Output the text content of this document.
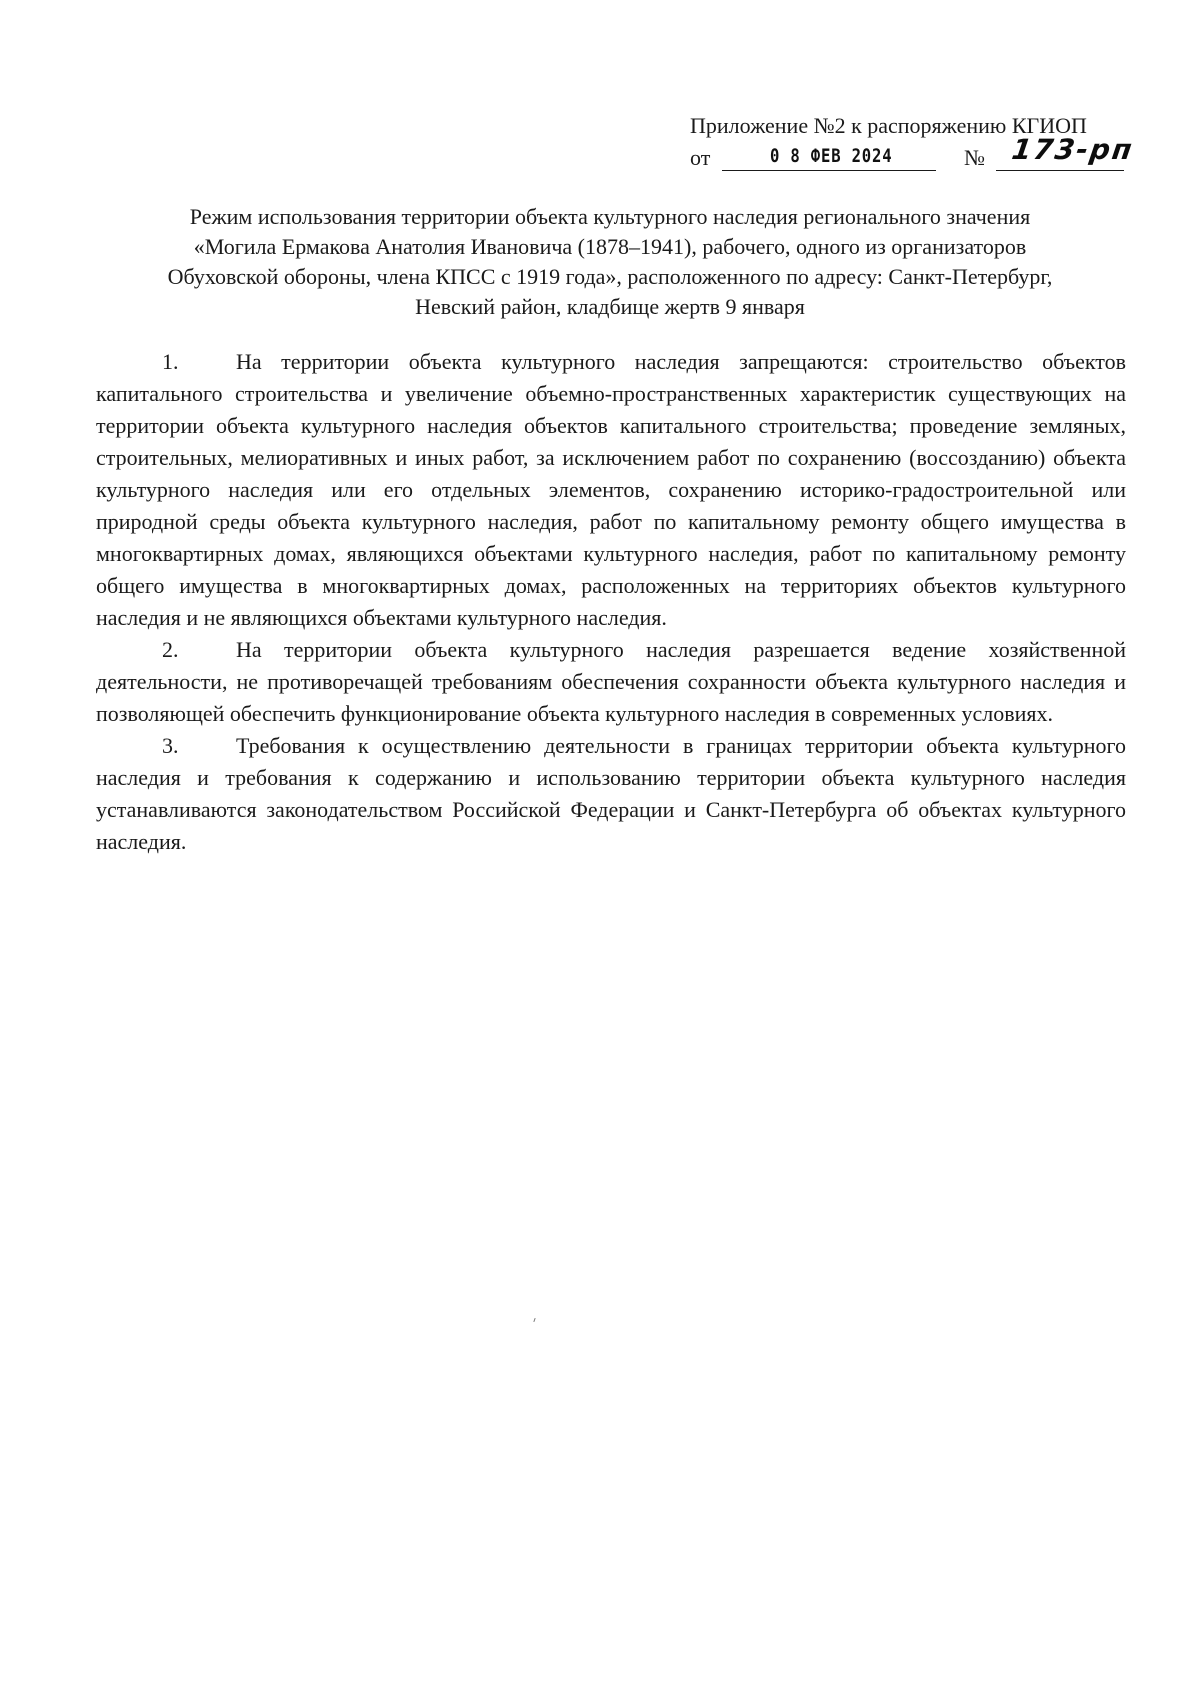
Приложение №2 к распоряжению КГИОП
от	0 8 ФЕВ 2024	№ 173-рп
Режим использования территории объекта культурного наследия регионального значения
«Могила Ермакова Анатолия Ивановича (1878–1941), рабочего, одного из организаторов
Обуховской обороны, члена КПСС с 1919 года», расположенного по адресу: Санкт-Петербург,
Невский район, кладбище жертв 9 января

1.	На территории объекта культурного наследия запрещаются: строительство объектов капитального строительства и увеличение объемно-пространственных характеристик существующих на территории объекта культурного наследия объектов капитального строительства; проведение земляных, строительных, мелиоративных и иных работ, за исключением работ по сохранению (воссозданию) объекта культурного наследия или его отдельных элементов, сохранению историко-градостроительной или природной среды объекта культурного наследия, работ по капитальному ремонту общего имущества в многоквартирных домах, являющихся объектами культурного наследия, работ по капитальному ремонту общего имущества в многоквартирных домах, расположенных на территориях объектов культурного наследия и не являющихся объектами культурного наследия.

2.	На территории объекта культурного наследия разрешается ведение хозяйственной деятельности, не противоречащей требованиям обеспечения сохранности объекта культурного наследия и позволяющей обеспечить функционирование объекта культурного наследия в современных условиях.

3.	Требования к осуществлению деятельности в границах территории объекта культурного наследия и требования к содержанию и использованию территории объекта культурного наследия устанавливаются законодательством Российской Федерации и Санкт-Петербурга об объектах культурного наследия.
